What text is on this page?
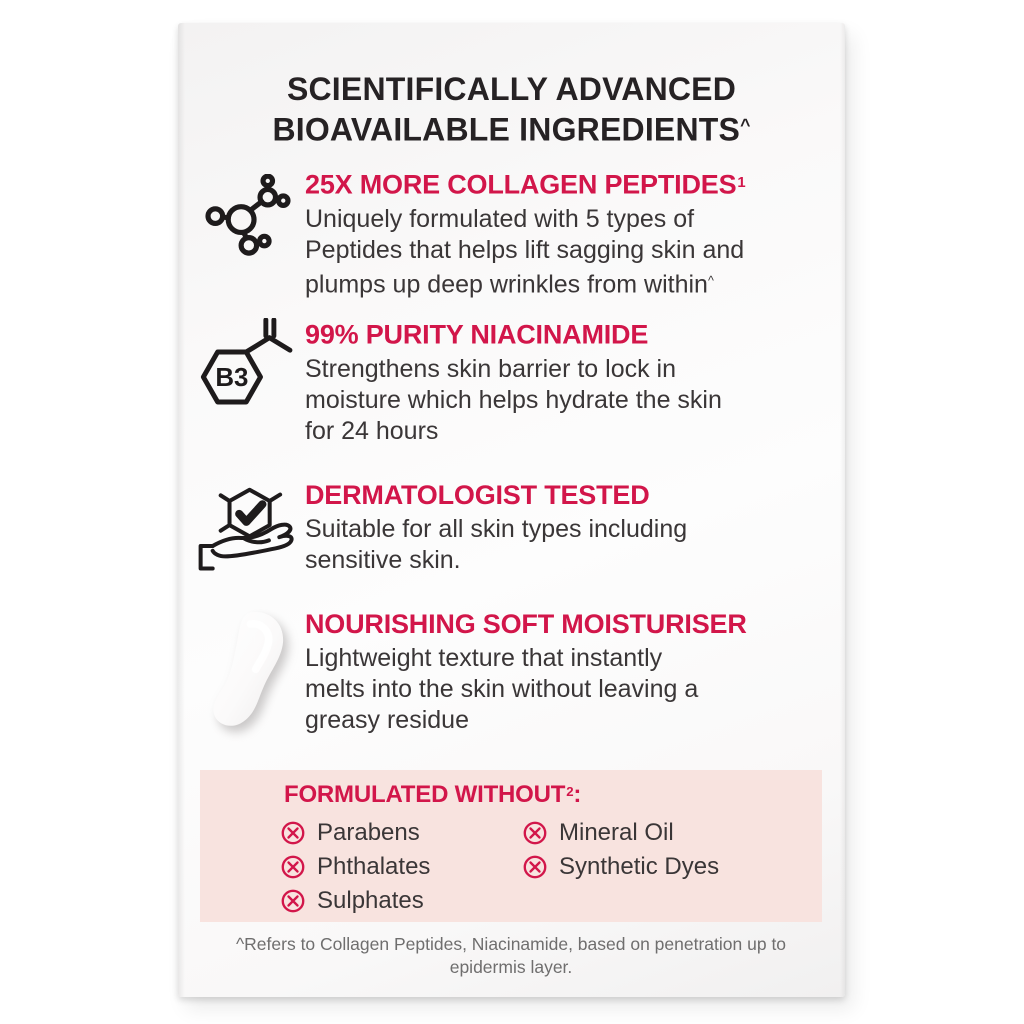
SCIENTIFICALLY ADVANCED
BIOAVAILABLE INGREDIENTS^
25X MORE COLLAGEN PEPTIDES$^1$

Uniquely formulated with 5 types of
Peptides that helps lift sagging skin and
plumps up deep wrinkles from within^

B3
99% PURITY NIACINAMIDE

Strengthens skin barrier to lock in
moisture which helps hydrate the skin
for 24 hours

DERMATOLOGIST TESTED

Suitable for all skin types including
sensitive skin.

NOURISHING SOFT MOISTURISER

Lightweight texture that instantly
melts into the skin without leaving a
greasy residue

FORMULATED WITHOUT$^2$:
Parabens
Phthalates
Sulphates
Mineral Oil
Synthetic Dyes

^Refers to Collagen Peptides, Niacinamide, based on penetration up to epidermis layer.
